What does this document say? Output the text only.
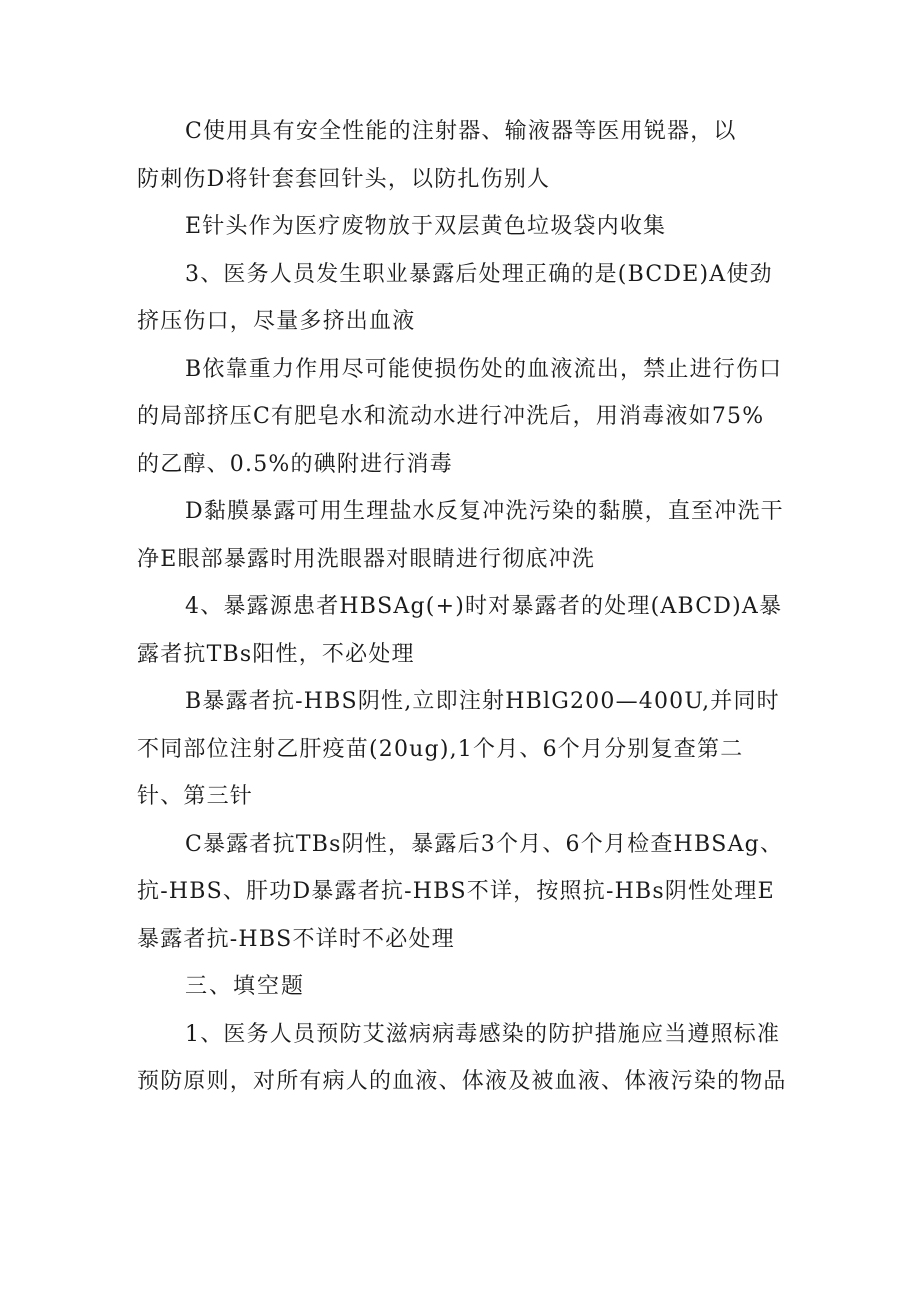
C使用具有安全性能的注射器、输液器等医用锐器，以

防刺伤D将针套套回针头，以防扎伤别人

E针头作为医疗废物放于双层黄色垃圾袋内收集

3、医务人员发生职业暴露后处理正确的是(BCDE)A使劲挤压伤口，尽量多挤出血液

B依靠重力作用尽可能使损伤处的血液流出，禁止进行伤口的局部挤压C有肥皂水和流动水进行冲洗后，用消毒液如75%的乙醇、0.5%的碘附进行消毒

D黏膜暴露可用生理盐水反复冲洗污染的黏膜，直至冲洗干净E眼部暴露时用洗眼器对眼睛进行彻底冲洗

4、暴露源患者HBSAg(+)时对暴露者的处理(ABCD)A暴露者抗TBs阳性，不必处理

B暴露者抗-HBS阴性,立即注射HBlG200—400U,并同时不同部位注射乙肝疫苗(20ug),1个月、6个月分别复查第二针、第三针

C暴露者抗TBs阴性，暴露后3个月、6个月检查HBSAg、抗-HBS、肝功D暴露者抗-HBS不详，按照抗-HBs阴性处理E暴露者抗-HBS不详时不必处理

三、填空题

1、医务人员预防艾滋病病毒感染的防护措施应当遵照标准预防原则，对所有病人的血液、体液及被血液、体液污染的物品
